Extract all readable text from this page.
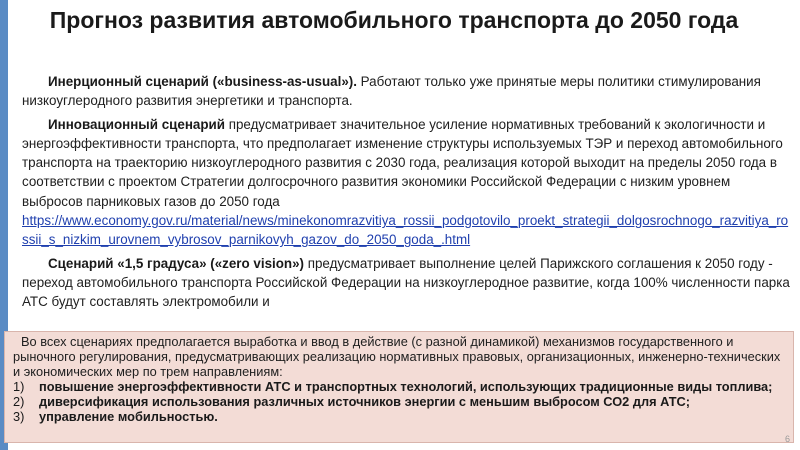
Прогноз развития автомобильного транспорта до 2050 года

Инерционный сценарий («business-as-usual»). Работают только уже принятые меры политики стимулирования низкоуглеродного развития энергетики и транспорта.

Инновационный сценарий предусматривает значительное усиление нормативных требований к экологичности и энергоэффективности транспорта, что предполагает изменение структуры используемых ТЭР и переход автомобильного транспорта на траекторию низкоуглеродного развития с 2030 года, реализация которой выходит на пределы 2050 года в соответствии с проектом Стратегии долгосрочного развития экономики Российской Федерации с низким уровнем выбросов парниковых газов до 2050 года
https://www.economy.gov.ru/material/news/minekonomrazvitiya_rossii_podgotovilo_proekt_strategii_dolgosrochnogo_razvitiya_rossii_s_nizkim_urovnem_vybrosov_parnikovyh_gazov_do_2050_goda_.html

Сценарий «1,5 градуса» («zero vision») предусматривает выполнение целей Парижского соглашения к 2050 году - переход автомобильного транспорта Российской Федерации на низкоуглеродное развитие, когда 100% численности парка АТС будут составлять электромобили и

Во всех сценариях предполагается выработка и ввод в действие (с разной динамикой) механизмов государственного и рыночного регулирования, предусматривающих реализацию нормативных правовых, организационных, инженерно-технических и экономических мер по трем направлениям:

1) повышение энергоэффективности АТС и транспортных технологий, использующих традиционные виды топлива;
2) диверсификация использования различных источников энергии с меньшим выбросом СО2 для АТС;
3) управление мобильностью.
6
